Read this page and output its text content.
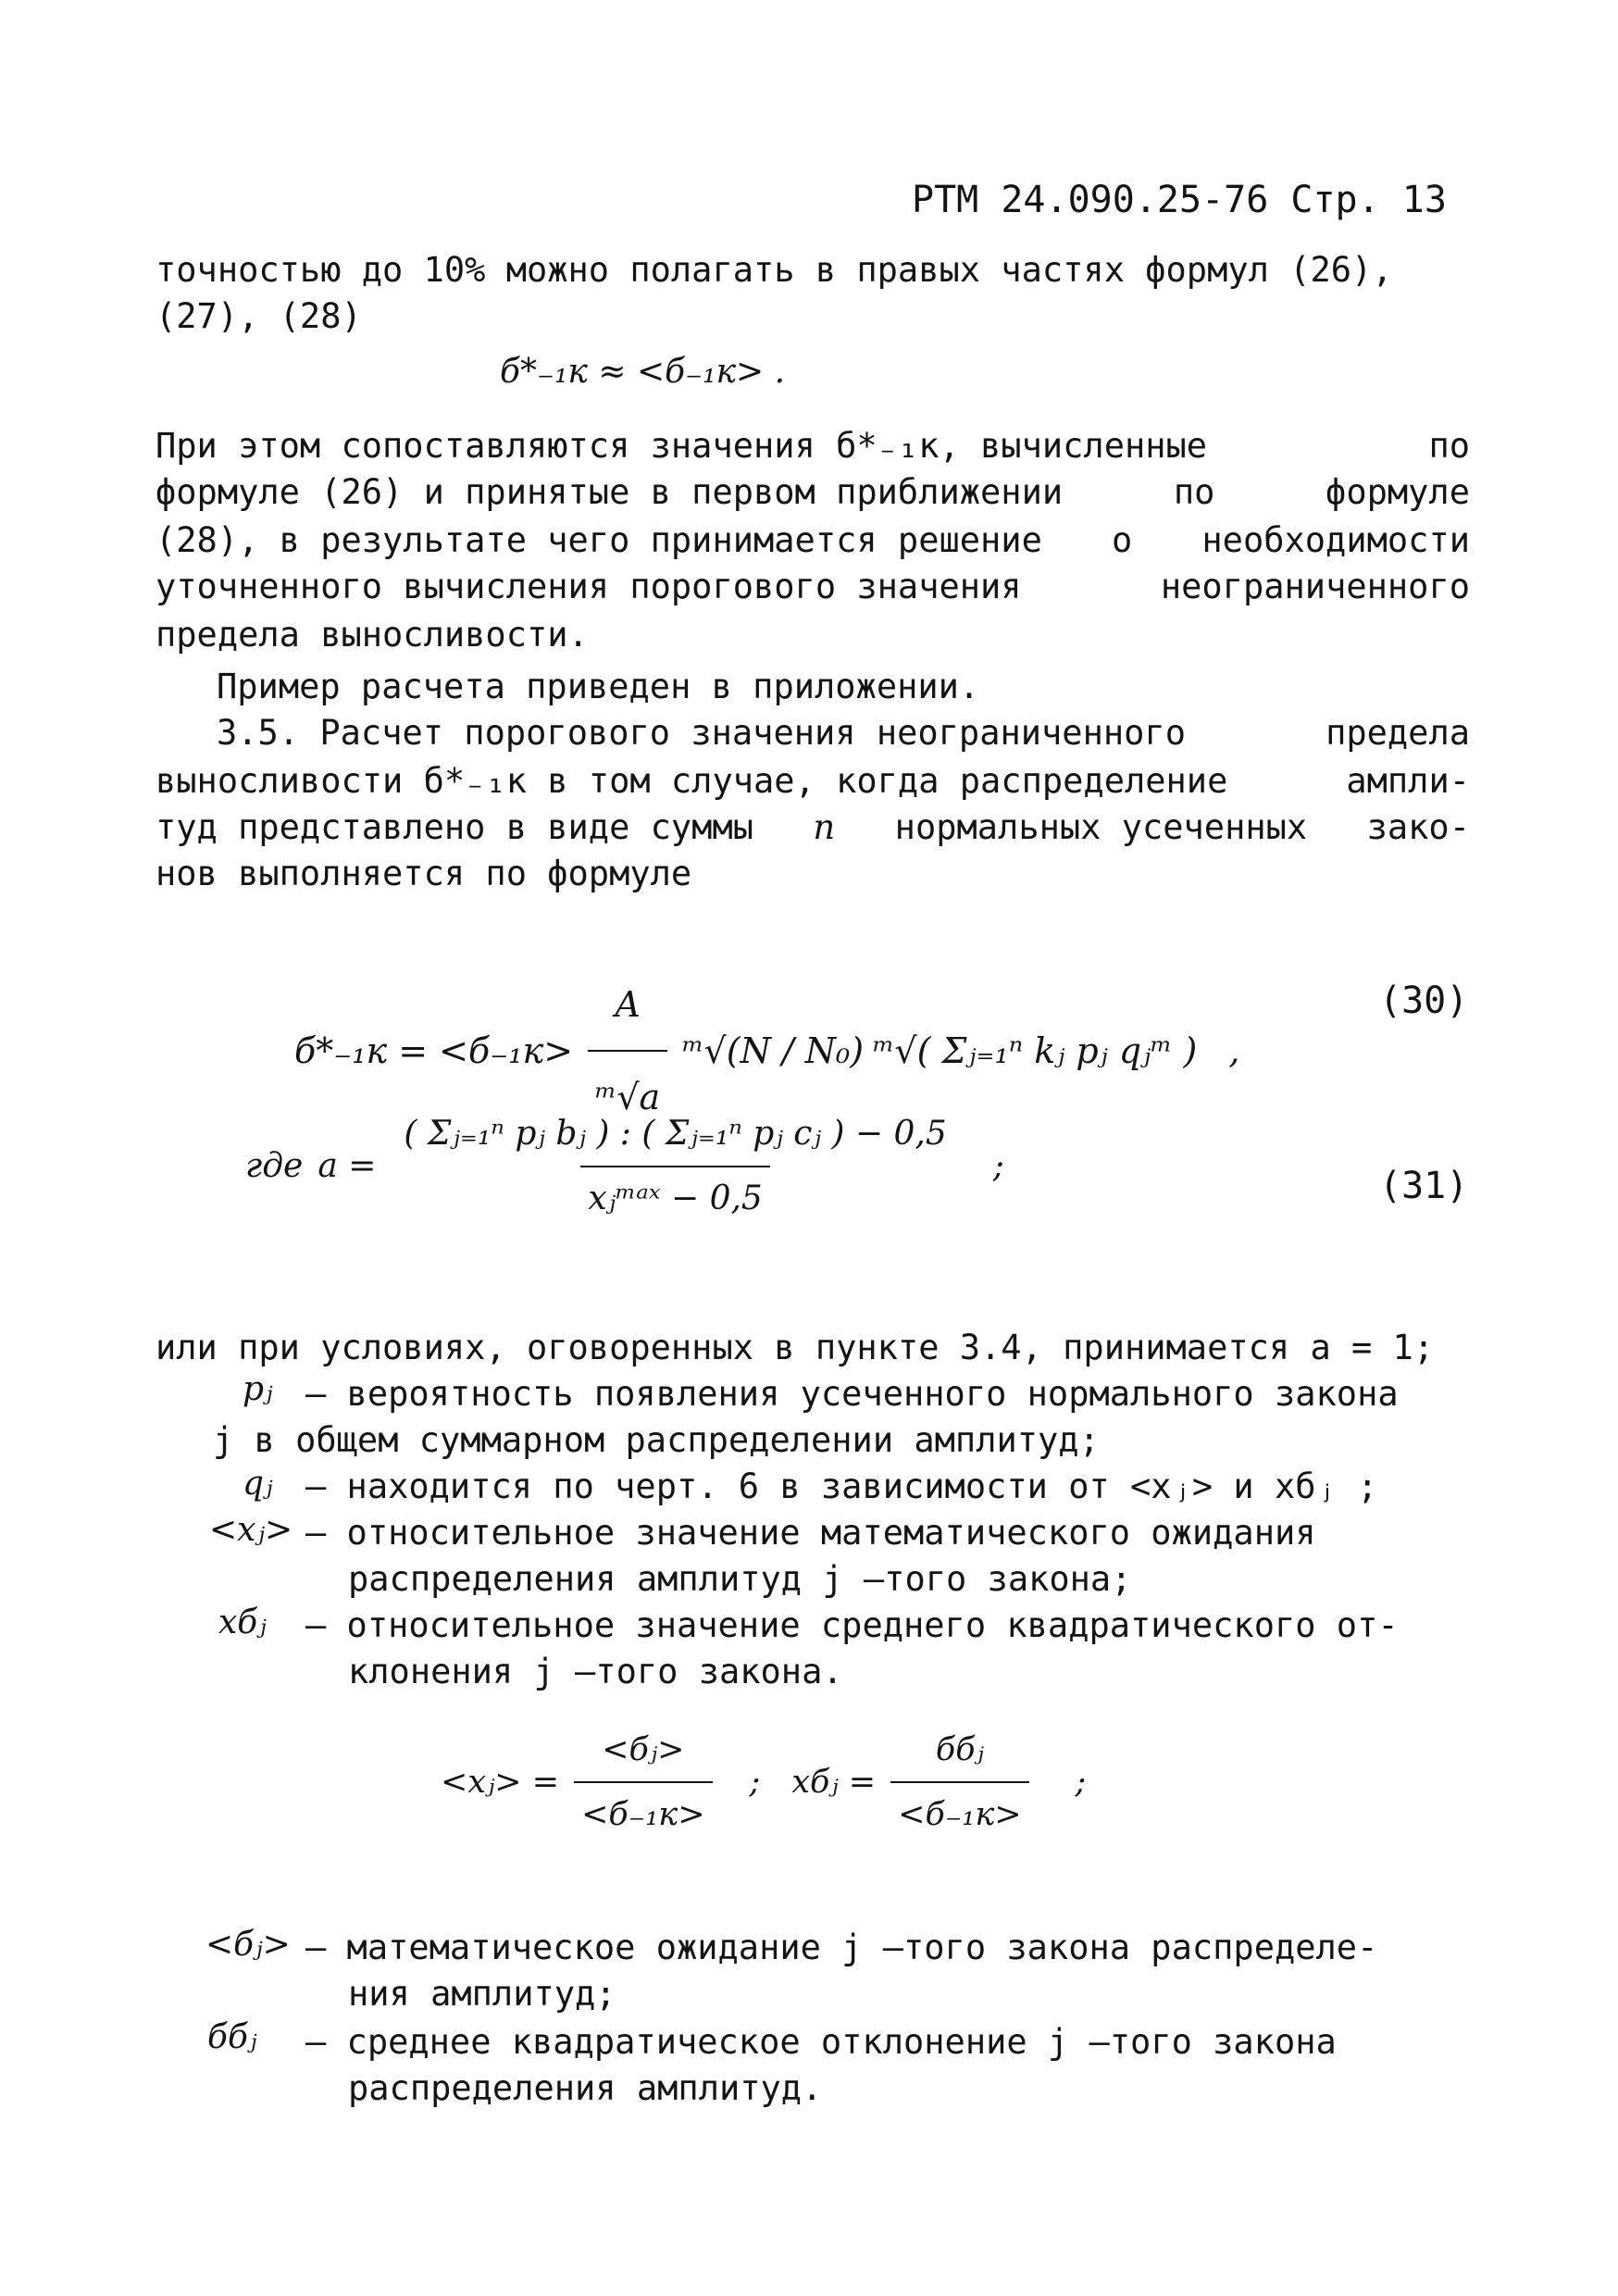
РТМ 24.090.25-76 Стр. 13
точностью до 10% можно полагать в правых частях формул (26),
(27), (28)
б*₋₁к ≈ <б₋₁к> .
При этом сопоставляются значения б*₋₁к, вычисленные	по
формуле (26) и принятые в первом приближении	по	формуле
(28), в результате чего принимается решение о необходимости
уточненного вычисления порогового значения	неограниченного
предела выносливости.
Пример расчета приведен в приложении.
3.5. Расчет порогового значения неограниченного	предела
выносливости б*₋₁к в том случае, когда распределение	ампли-
туд представлено в виде суммы n нормальных усеченных зако-
нов выполняется по формуле
$б*_{-1}к = <б_{-1}к> \frac{A}{\text{ᵐ√a}}$ ᵐ√(N / N₀) ᵐ√( Σⱼ₌₁ⁿ kⱼ pⱼ qⱼᵐ ) ,
(30)
где $a = \frac{\text{( Σⱼ₌₁ⁿ pⱼ bⱼ ) : ( Σⱼ₌₁ⁿ pⱼ cⱼ ) − 0,5}}{\text{xⱼᵐᵃˣ − 0,5}}$ ;	(31)
или при условиях, оговоренных в пункте 3.4, принимается a = 1;
pⱼ – вероятность появления усеченного нормального закона
j в общем суммарном распределении амплитуд;
qⱼ – находится по черт. 6 в зависимости от <xⱼ> и xбⱼ ;
<xⱼ> – относительное значение математического ожидания
распределения амплитуд j –того закона;
xбⱼ – относительное значение среднего квадратического от-
клонения j –того закона.
<xⱼ> = $\frac{\text{<бⱼ>}}{\text{<б₋₁к>}}$ ; xбⱼ = $\frac{\text{ббⱼ}}{\text{<б₋₁к>}}$ ;
<бⱼ> – математическое ожидание j –того закона распределе-
ния амплитуд;
ббⱼ – среднее квадратическое отклонение j –того закона
распределения амплитуд.
